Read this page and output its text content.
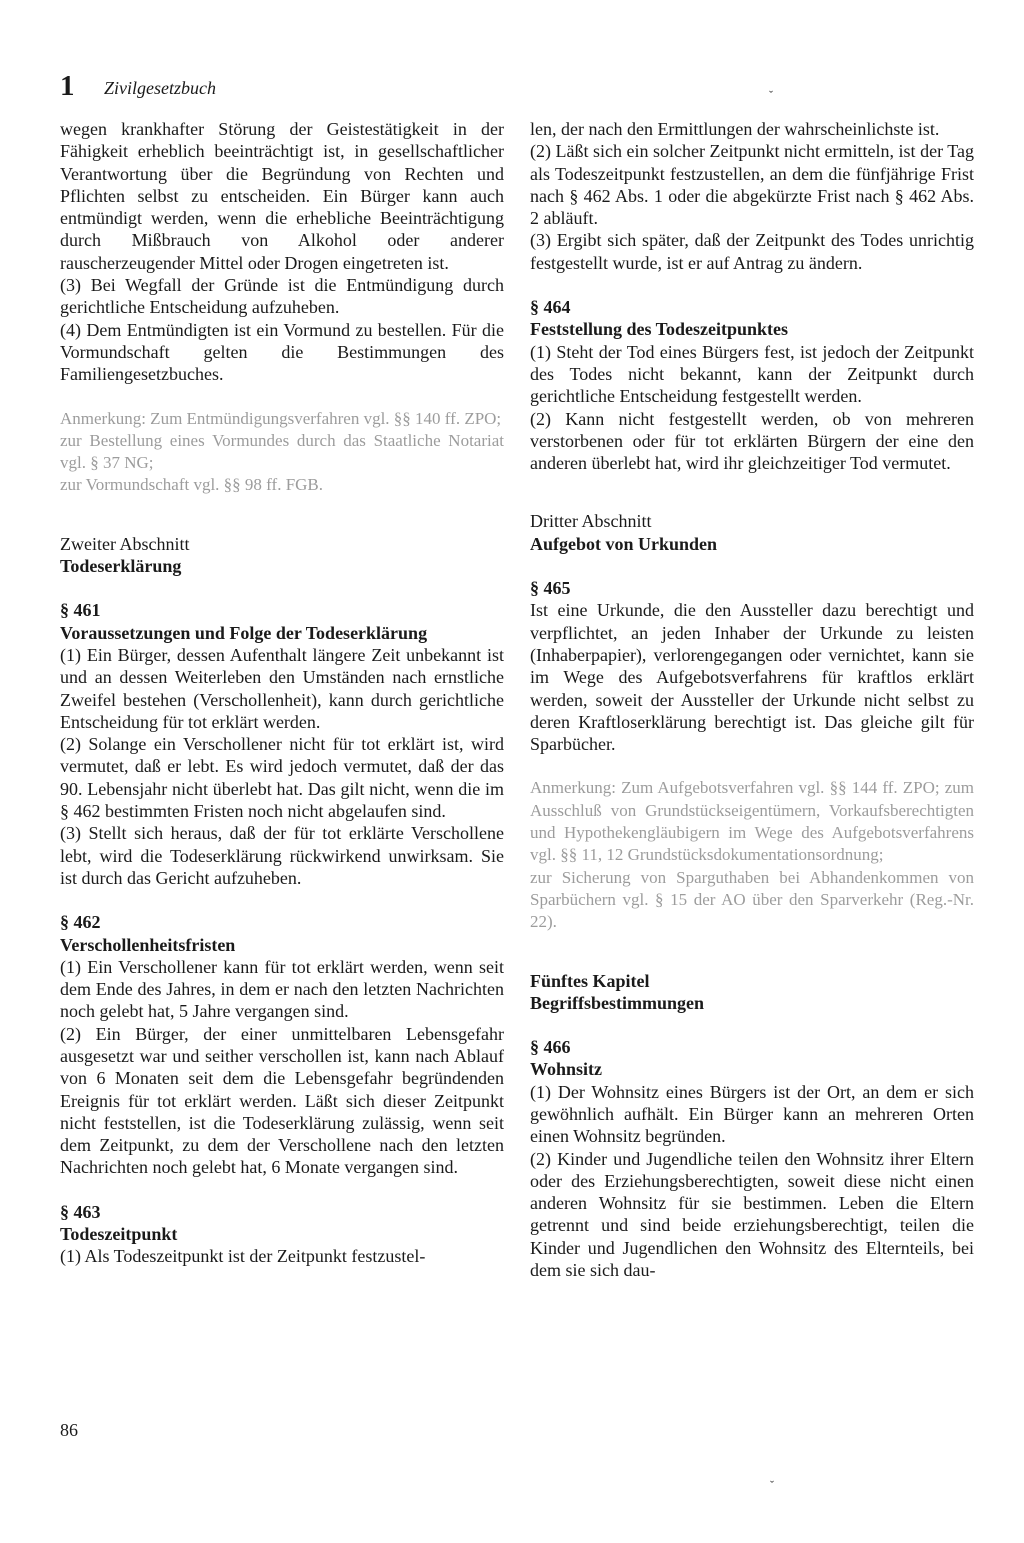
1 Zivilgesetzbuch	ˇ

wegen krankhafter Störung der Geistestätigkeit in der Fähigkeit erheblich beeinträchtigt ist, in gesellschaftlicher Verantwortung über die Begründung von Rechten und Pflichten selbst zu entscheiden. Ein Bürger kann auch entmündigt werden, wenn die erhebliche Beeinträchtigung durch Mißbrauch von Alkohol oder anderer rauscherzeugender Mittel oder Drogen eingetreten ist.

(3) Bei Wegfall der Gründe ist die Entmündigung durch gerichtliche Entscheidung aufzuheben.

(4) Dem Entmündigten ist ein Vormund zu bestellen. Für die Vormundschaft gelten die Bestimmungen des Familiengesetzbuches.

Anmerkung: Zum Entmündigungsverfahren vgl. §§ 140 ff. ZPO;

zur Bestellung eines Vormundes durch das Staatliche Notariat vgl. § 37 NG;

zur Vormundschaft vgl. §§ 98 ff. FGB.

Zweiter Abschnitt

Todeserklärung

§ 461

Voraussetzungen und Folge der Todeserklärung

(1) Ein Bürger, dessen Aufenthalt längere Zeit unbekannt ist und an dessen Weiterleben den Umständen nach ernstliche Zweifel bestehen (Verschollenheit), kann durch gerichtliche Entscheidung für tot erklärt werden.

(2) Solange ein Verschollener nicht für tot erklärt ist, wird vermutet, daß er lebt. Es wird jedoch vermutet, daß der das 90. Lebensjahr nicht überlebt hat. Das gilt nicht, wenn die im § 462 bestimmten Fristen noch nicht abgelaufen sind.

(3) Stellt sich heraus, daß der für tot erklärte Verschollene lebt, wird die Todeserklärung rückwirkend unwirksam. Sie ist durch das Gericht aufzuheben.

§ 462

Verschollenheitsfristen

(1) Ein Verschollener kann für tot erklärt werden, wenn seit dem Ende des Jahres, in dem er nach den letzten Nachrichten noch gelebt hat, 5 Jahre vergangen sind.

(2) Ein Bürger, der einer unmittelbaren Lebensgefahr ausgesetzt war und seither verschollen ist, kann nach Ablauf von 6 Monaten seit dem die Lebensgefahr begründenden Ereignis für tot erklärt werden. Läßt sich dieser Zeitpunkt nicht feststellen, ist die Todeserklärung zulässig, wenn seit dem Zeitpunkt, zu dem der Verschollene nach den letzten Nachrichten noch gelebt hat, 6 Monate vergangen sind.

§ 463

Todeszeitpunkt

(1) Als Todeszeitpunkt ist der Zeitpunkt festzustel-

len, der nach den Ermittlungen der wahrscheinlichste ist.

(2) Läßt sich ein solcher Zeitpunkt nicht ermitteln, ist der Tag als Todeszeitpunkt festzustellen, an dem die fünfjährige Frist nach § 462 Abs. 1 oder die abgekürzte Frist nach § 462 Abs. 2 abläuft.

(3) Ergibt sich später, daß der Zeitpunkt des Todes unrichtig festgestellt wurde, ist er auf Antrag zu ändern.

§ 464

Feststellung des Todeszeitpunktes

(1) Steht der Tod eines Bürgers fest, ist jedoch der Zeitpunkt des Todes nicht bekannt, kann der Zeitpunkt durch gerichtliche Entscheidung festgestellt werden.

(2) Kann nicht festgestellt werden, ob von mehreren verstorbenen oder für tot erklärten Bürgern der eine den anderen überlebt hat, wird ihr gleichzeitiger Tod vermutet.

Dritter Abschnitt

Aufgebot von Urkunden

§ 465

Ist eine Urkunde, die den Aussteller dazu berechtigt und verpflichtet, an jeden Inhaber der Urkunde zu leisten (Inhaberpapier), verlorengegangen oder vernichtet, kann sie im Wege des Aufgebotsverfahrens für kraftlos erklärt werden, soweit der Aussteller der Urkunde nicht selbst zu deren Kraftloserklärung berechtigt ist. Das gleiche gilt für Sparbücher.

Anmerkung: Zum Aufgebotsverfahren vgl. §§ 144 ff. ZPO; zum Ausschluß von Grundstückseigentümern, Vorkaufsberechtigten und Hypothekengläubigern im Wege des Aufgebotsverfahrens vgl. §§ 11, 12 Grundstücksdokumentationsordnung;

zur Sicherung von Sparguthaben bei Abhandenkommen von Sparbüchern vgl. § 15 der AO über den Sparverkehr (Reg.-Nr. 22).

Fünftes Kapitel

Begriffsbestimmungen

§ 466

Wohnsitz

(1) Der Wohnsitz eines Bürgers ist der Ort, an dem er sich gewöhnlich aufhält. Ein Bürger kann an mehreren Orten einen Wohnsitz begründen.

(2) Kinder und Jugendliche teilen den Wohnsitz ihrer Eltern oder des Erziehungsberechtigten, soweit diese nicht einen anderen Wohnsitz für sie bestimmen. Leben die Eltern getrennt und sind beide erziehungsberechtigt, teilen die Kinder und Jugendlichen den Wohnsitz des Elternteils, bei dem sie sich dau-

86
ˇ
